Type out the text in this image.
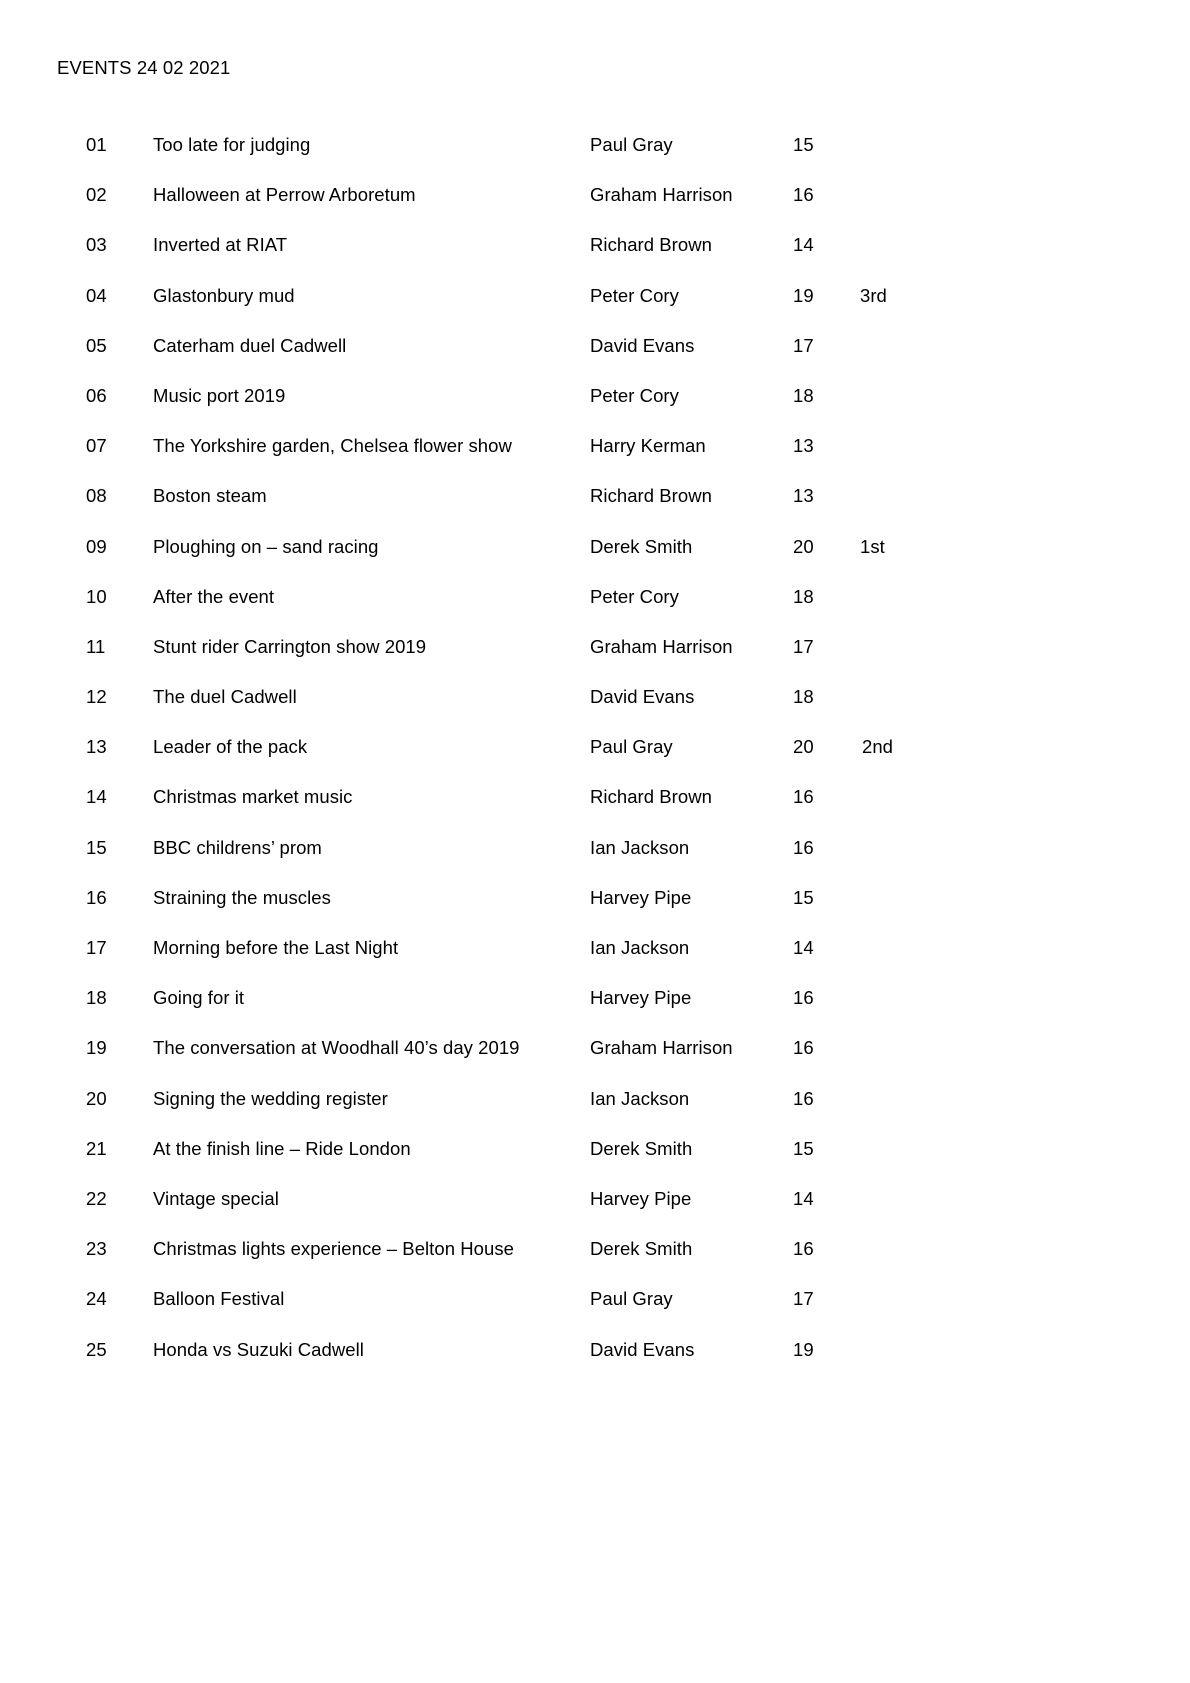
EVENTS 24 02 2021
01	Too late for judging	Paul Gray	15
02	Halloween at Perrow Arboretum	Graham Harrison	16
03	Inverted at RIAT	Richard Brown	14
04	Glastonbury mud	Peter Cory	19	3rd
05	Caterham duel Cadwell	David Evans	17
06	Music port 2019	Peter Cory	18
07	The Yorkshire garden, Chelsea flower show	Harry Kerman	13
08	Boston steam	Richard Brown	13
09	Ploughing on – sand racing	Derek Smith	20	1st
10	After the event	Peter Cory	18
11	Stunt rider Carrington show 2019	Graham Harrison	17
12	The duel Cadwell	David Evans	18
13	Leader of the pack	Paul Gray	20	2nd
14	Christmas market music	Richard Brown	16
15	BBC childrens’ prom	Ian Jackson	16
16	Straining the muscles	Harvey Pipe	15
17	Morning before the Last Night	Ian Jackson	14
18	Going for it	Harvey Pipe	16
19	The conversation at Woodhall 40’s day 2019	Graham Harrison	16
20	Signing the wedding register	Ian Jackson	16
21	At the finish line – Ride London	Derek Smith	15
22	Vintage special	Harvey Pipe	14
23	Christmas lights experience – Belton House	Derek Smith	16
24	Balloon Festival	Paul Gray	17
25	Honda vs Suzuki Cadwell	David Evans	19
